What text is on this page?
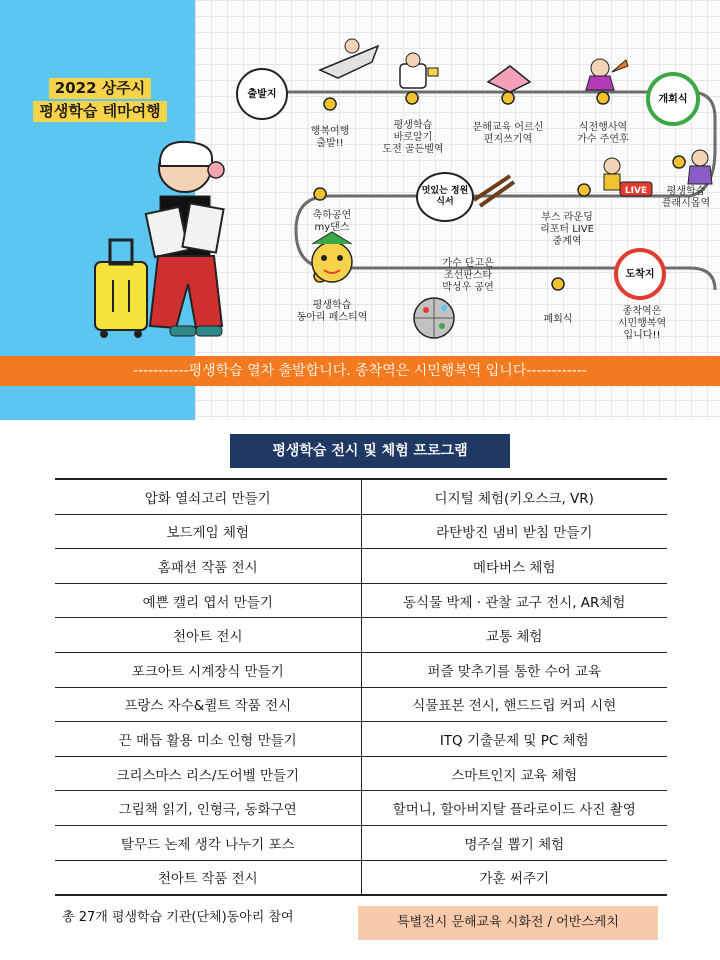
2022 상주시
평생학습 테마여행
LIVE
출발지	개회식
멋있는 정원식서
도착지
행복여행
출발!!
평생학습
바로알기
도전 골든벨역
문해교육 어르신
편지쓰기역
식전행사역
가수 주연후
평생학습
플래시몹역
부스 라운딩
리포터 LIVE
중계역
축하공연
my댄스
가수 단고은
조선판스타
박성우 공연
평생학습
동아리 페스티역	폐회식
종착역은
시민행복역
입니다!!
-----------평생학습 열차 출발합니다. 종착역은 시민행복역 입니다------------
평생학습 전시 및 체험 프로그램
압화 열쇠고리 만들기	디지털 체험(키오스크, VR)
보드게임 체험	라탄방진 냄비 받침 만들기
홈패션 작품 전시	메타버스 체험
예쁜 캘리 엽서 만들기	동식물 박제 · 관찰 교구 전시, AR체험
천아트 전시	교통 체험
포크아트 시계장식 만들기	퍼즐 맞추기를 통한 수어 교육
프랑스 자수&퀼트 작품 전시	식물표본 전시, 핸드드립 커피 시현
끈 매듭 활용 미소 인형 만들기	ITQ 기출문제 및 PC 체험
크리스마스 리스/도어벨 만들기	스마트인지 교육 체험
그림책 읽기, 인형극, 동화구연	할머니, 할아버지탈 플라로이드 사진 촬영
탈무드 논제 생각 나누기 포스	명주실 뽑기 체험
천아트 작품 전시	가훈 써주기
총 27개 평생학습 기관(단체)동아리 참여	특별전시 문해교육 시화전 / 어반스케치
